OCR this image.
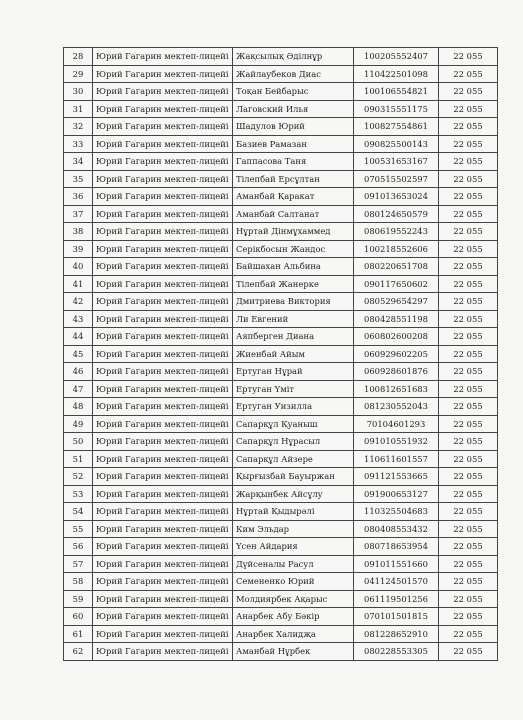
28	Юрий Гагарин мектеп-лицейі	Жақсылық Әділнұр	100205552407	22 055
29	Юрий Гагарин мектеп-лицейі	Жайлаубеков Диас	110422501098	22 055
30	Юрий Гагарин мектеп-лицейі	Тоқан Бейбарыс	100106554821	22 055
31	Юрий Гагарин мектеп-лицейі	Лаговский Илья	090315551175	22 055
32	Юрий Гагарин мектеп-лицейі	Шадулов Юрий	100827554861	22 055
33	Юрий Гагарин мектеп-лицейі	Базиев Рамазан	090825500143	22 055
34	Юрий Гагарин мектеп-лицейі	Гаппасова Таня	100531653167	22 055
35	Юрий Гагарин мектеп-лицейі	Тілепбай Ерсұлтан	070515502597	22 055
36	Юрий Гагарин мектеп-лицейі	Аманбай Қаракат	091013653024	22 055
37	Юрий Гагарин мектеп-лицейі	Аманбай Салтанат	080124650579	22 055
38	Юрий Гагарин мектеп-лицейі	Нұртай Дінмұхаммед	080619552243	22 055
39	Юрий Гагарин мектеп-лицейі	Серікбосын Жандос	100218552606	22 055
40	Юрий Гагарин мектеп-лицейі	Байшахан Альбина	080220651708	22 055
41	Юрий Гагарин мектеп-лицейі	Тілепбай Жанерке	090117650602	22 055
42	Юрий Гагарин мектеп-лицейі	Дмитриева Виктория	080529654297	22 055
43	Юрий Гагарин мектеп-лицейі	Ли Евгений	080428551198	22 055
44	Юрий Гагарин мектеп-лицейі	Аяпберген Диана	060802600208	22 055
45	Юрий Гагарин мектеп-лицейі	Жиенбай Айым	060929602205	22 055
46	Юрий Гагарин мектеп-лицейі	Ертуган Нұрай	060928601876	22 055
47	Юрий Гагарин мектеп-лицейі	Ертуган Үміт	100812651683	22 055
48	Юрий Гагарин мектеп-лицейі	Ертуган Уизилла	081230552043	22 055
49	Юрий Гагарин мектеп-лицейі	Сапарқұл Қуаныш	70104601293	22 055
50	Юрий Гагарин мектеп-лицейі	Сапарқұл Нұрасыл	091010551932	22 055
51	Юрий Гагарин мектеп-лицейі	Сапарқұл Айзере	110611601557	22 055
52	Юрий Гагарин мектеп-лицейі	Қырғызбай Бауыржан	091121553665	22 055
53	Юрий Гагарин мектеп-лицейі	Жарқынбек Айсұлу	091900653127	22 055
54	Юрий Гагарин мектеп-лицейі	Нұртай Қыдырәлі	110325504683	22 055
55	Юрий Гагарин мектеп-лицейі	Ким Эльдар	080408553432	22 055
56	Юрий Гагарин мектеп-лицейі	Үсен Айдария	080718653954	22 055
57	Юрий Гагарин мектеп-лицейі	Дүйсеналы Расул	091011551660	22 055
58	Юрий Гагарин мектеп-лицейі	Семененко Юрий	041124501570	22 055
59	Юрий Гагарин мектеп-лицейі	Молдиярбек Ақарыс	061119501256	22 055
60	Юрий Гагарин мектеп-лицейі	Анарбек Абу Бәкір	070101501815	22 055
61	Юрий Гагарин мектеп-лицейі	Анарбек Халидҗа	081228652910	22 055
62	Юрий Гагарин мектеп-лицейі	Аманбай Нұрбек	080228553305	22 055
